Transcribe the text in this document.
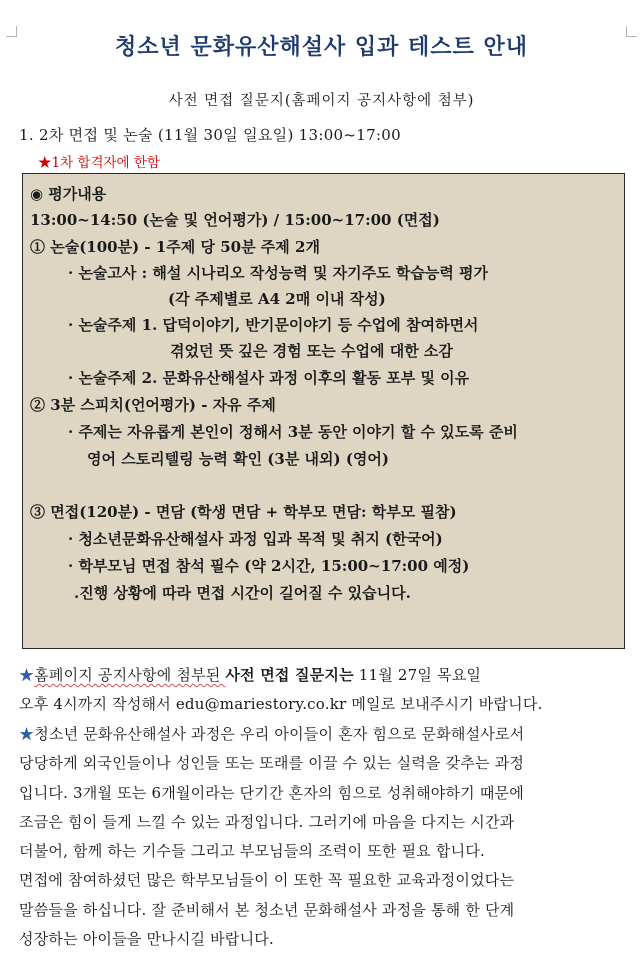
청소년 문화유산해설사 입과 테스트 안내
사전 면접 질문지(홈페이지 공지사항에 첨부)
1. 2차 면접 및 논술 (11월 30일 일요일) 13:00~17:00
★1차 합격자에 한함
◉ 평가내용
13:00~14:50 (논술 및 언어평가) / 15:00~17:00 (면접)
① 논술(100분) - 1주제 당 50분 주제 2개
· 논술고사 : 해설 시나리오 작성능력 및 자기주도 학습능력 평가
(각 주제별로 A4 2매 이내 작성)
· 논술주제 1. 답덕이야기, 반기문이야기 등 수업에 참여하면서
겪었던 뜻 깊은 경험 또는 수업에 대한 소감
· 논술주제 2. 문화유산해설사 과정 이후의 활동 포부 및 이유
② 3분 스피치(언어평가) - 자유 주제
· 주제는 자유롭게 본인이 정해서 3분 동안 이야기 할 수 있도록 준비
영어 스토리텔링 능력 확인 (3분 내외) (영어)
③ 면접(120분) - 면담 (학생 면담 + 학부모 면담: 학부모 필참)
· 청소년문화유산해설사 과정 입과 목적 및 취지 (한국어)
· 학부모님 면접 참석 필수 (약 2시간, 15:00~17:00 예정)
.진행 상황에 따라 면접 시간이 길어질 수 있습니다.
★홈페이지 공지사항에 첨부된 사전 면접 질문지는 11월 27일 목요일
오후 4시까지 작성해서 edu@mariestory.co.kr 메일로 보내주시기 바랍니다.
★청소년 문화유산해설사 과정은 우리 아이들이 혼자 힘으로 문화해설사로서
당당하게 외국인들이나 성인들 또는 또래를 이끌 수 있는 실력을 갖추는 과정
입니다. 3개월 또는 6개월이라는 단기간 혼자의 힘으로 성취해야하기 때문에
조금은 힘이 들게 느낄 수 있는 과정입니다. 그러기에 마음을 다지는 시간과
더불어, 함께 하는 기수들 그리고 부모님들의 조력이 또한 필요 합니다.
면접에 참여하셨던 많은 학부모님들이 이 또한 꼭 필요한 교육과정이었다는
말씀들을 하십니다. 잘 준비해서 본 청소년 문화해설사 과정을 통해 한 단계
성장하는 아이들을 만나시길 바랍니다.
